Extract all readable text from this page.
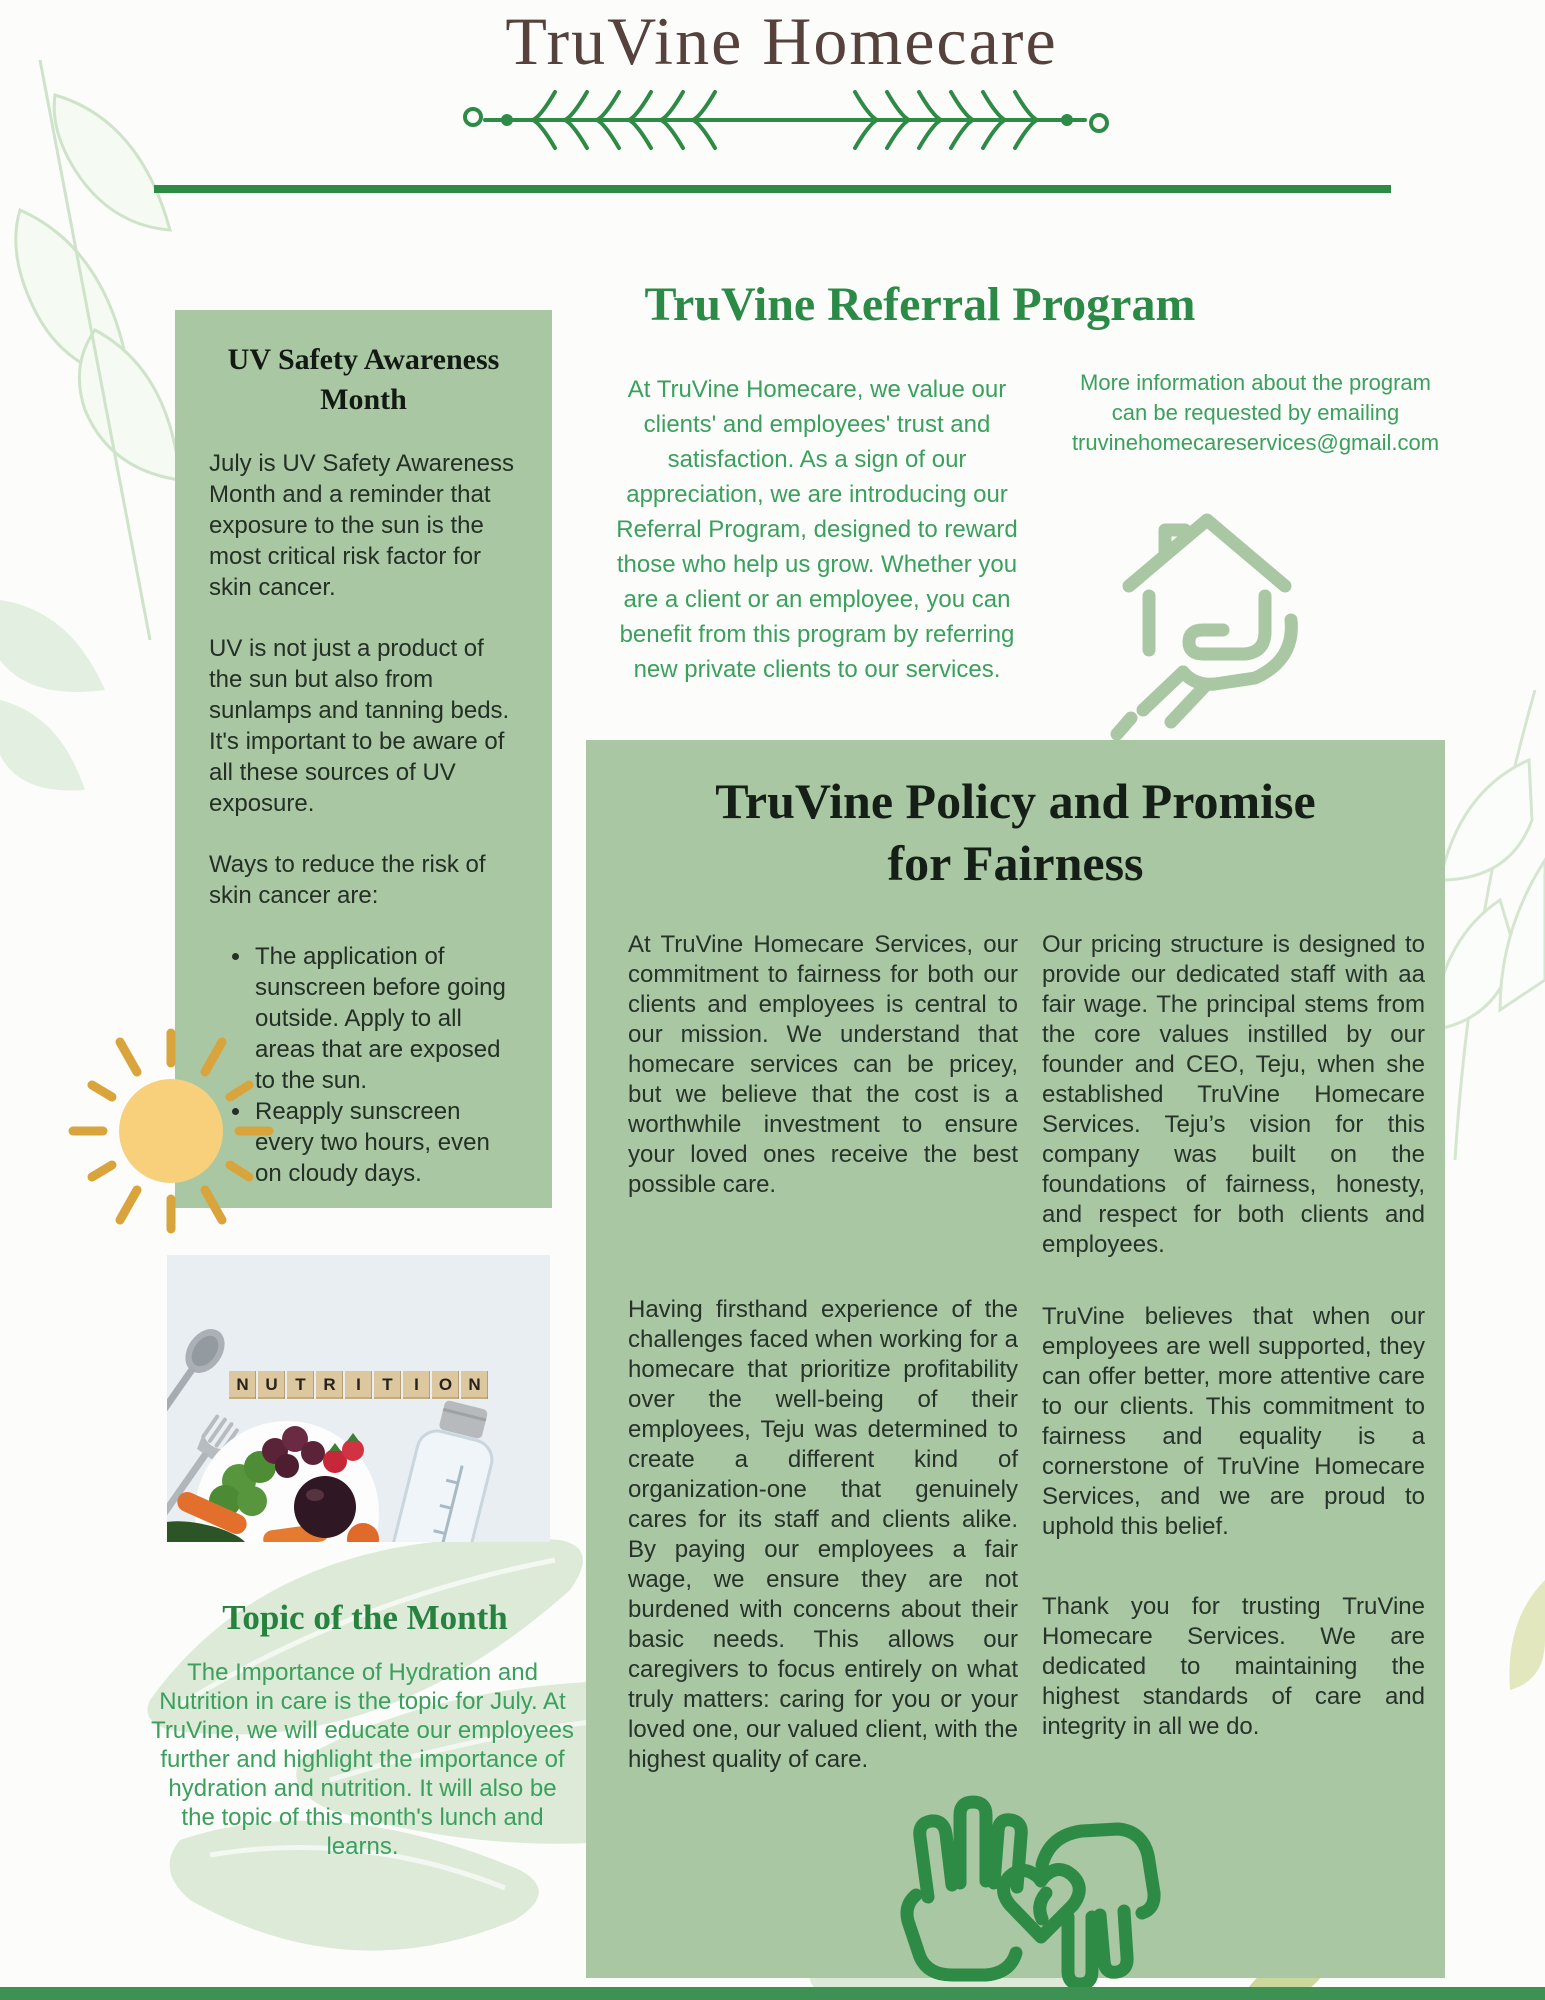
TruVine Homecare
UV Safety Awareness Month

July is UV Safety Awareness Month and a reminder that exposure to the sun is the most critical risk factor for skin cancer.

UV is not just a product of the sun but also from sunlamps and tanning beds. It's important to be aware of all these sources of UV exposure.

Ways to reduce the risk of skin cancer are:

• The application of sunscreen before going outside. Apply to all areas that are exposed to the sun.
• Reapply sunscreen every two hours, even on cloudy days.
TruVine Referral Program

At TruVine Homecare, we value our clients' and employees' trust and satisfaction. As a sign of our appreciation, we are introducing our Referral Program, designed to reward those who help us grow. Whether you are a client or an employee, you can benefit from this program by referring new private clients to our services.

More information about the program
can be requested by emailing
truvinehomecareservices@gmail.com
TruVine Policy and Promise
for Fairness

At TruVine Homecare Services, our commitment to fairness for both our clients and employees is central to our mission. We understand that homecare services can be pricey, but we believe that the cost is a worthwhile investment to ensure your loved ones receive the best possible care.

Having firsthand experience of the challenges faced when working for a homecare that prioritize profitability over the well-being of their employees, Teju was determined to create a different kind of organization-one that genuinely cares for its staff and clients alike. By paying our employees a fair wage, we ensure they are not burdened with concerns about their basic needs. This allows our caregivers to focus entirely on what truly matters: caring for you or your loved one, our valued client, with the highest quality of care.

Our pricing structure is designed to provide our dedicated staff with aa fair wage. The principal stems from the core values instilled by our founder and CEO, Teju, when she established TruVine Homecare Services. Teju’s vision for this company was built on the foundations of fairness, honesty, and respect for both clients and employees.

TruVine believes that when our employees are well supported, they can offer better, more attentive care to our clients. This commitment to fairness and equality is a cornerstone of TruVine Homecare Services, and we are proud to uphold this belief.

Thank you for trusting TruVine Homecare Services. We are dedicated to maintaining the highest standards of care and integrity in all we do.

N U	T	R	I	T	I	O N
Topic of the Month

The Importance of Hydration and Nutrition in care is the topic for July. At TruVine, we will educate our employees further and highlight the importance of hydration and nutrition. It will also be the topic of this month's lunch and learns.
